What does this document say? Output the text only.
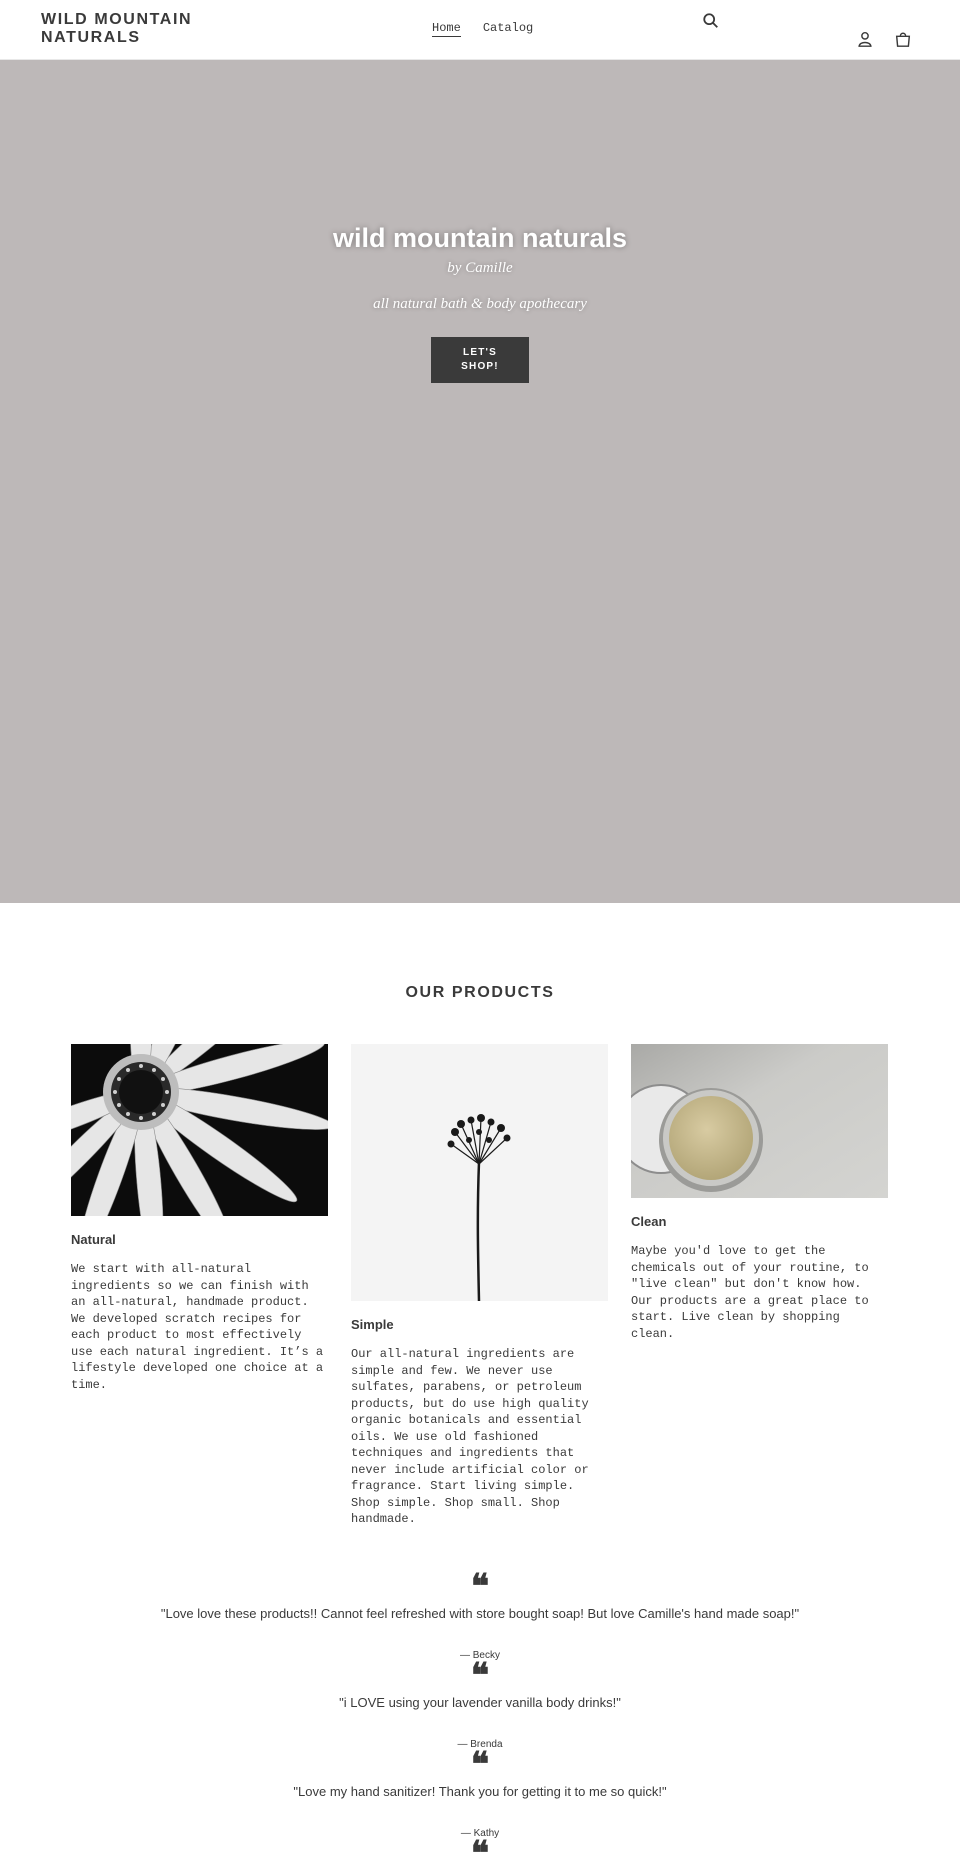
WILD MOUNTAIN NATURALS
Home Catalog
wild mountain naturals
by Camille
all natural bath & body apothecary
LET'S SHOP!
OUR PRODUCTS
Natural

We start with all-natural ingredients so we can finish with an all-natural, handmade product. We developed scratch recipes for each product to most effectively use each natural ingredient. It’s a lifestyle developed one choice at a time.

Simple

Our all-natural ingredients are simple and few. We never use sulfates, parabens, or petroleum products, but do use high quality organic botanicals and essential oils. We use old fashioned techniques and ingredients that never include artificial color or fragrance. Start living simple. Shop simple. Shop small. Shop handmade.

Clean

Maybe you'd love to get the chemicals out of your routine, to "live clean" but don't know how. Our products are a great place to start. Live clean by shopping clean.

❝
"Love love these products!! Cannot feel refreshed with store bought soap! But love Camille's hand made soap!"
— Becky
❝
"i LOVE using your lavender vanilla body drinks!"
— Brenda
❝
"Love my hand sanitizer! Thank you for getting it to me so quick!"
— Kathy
❝
